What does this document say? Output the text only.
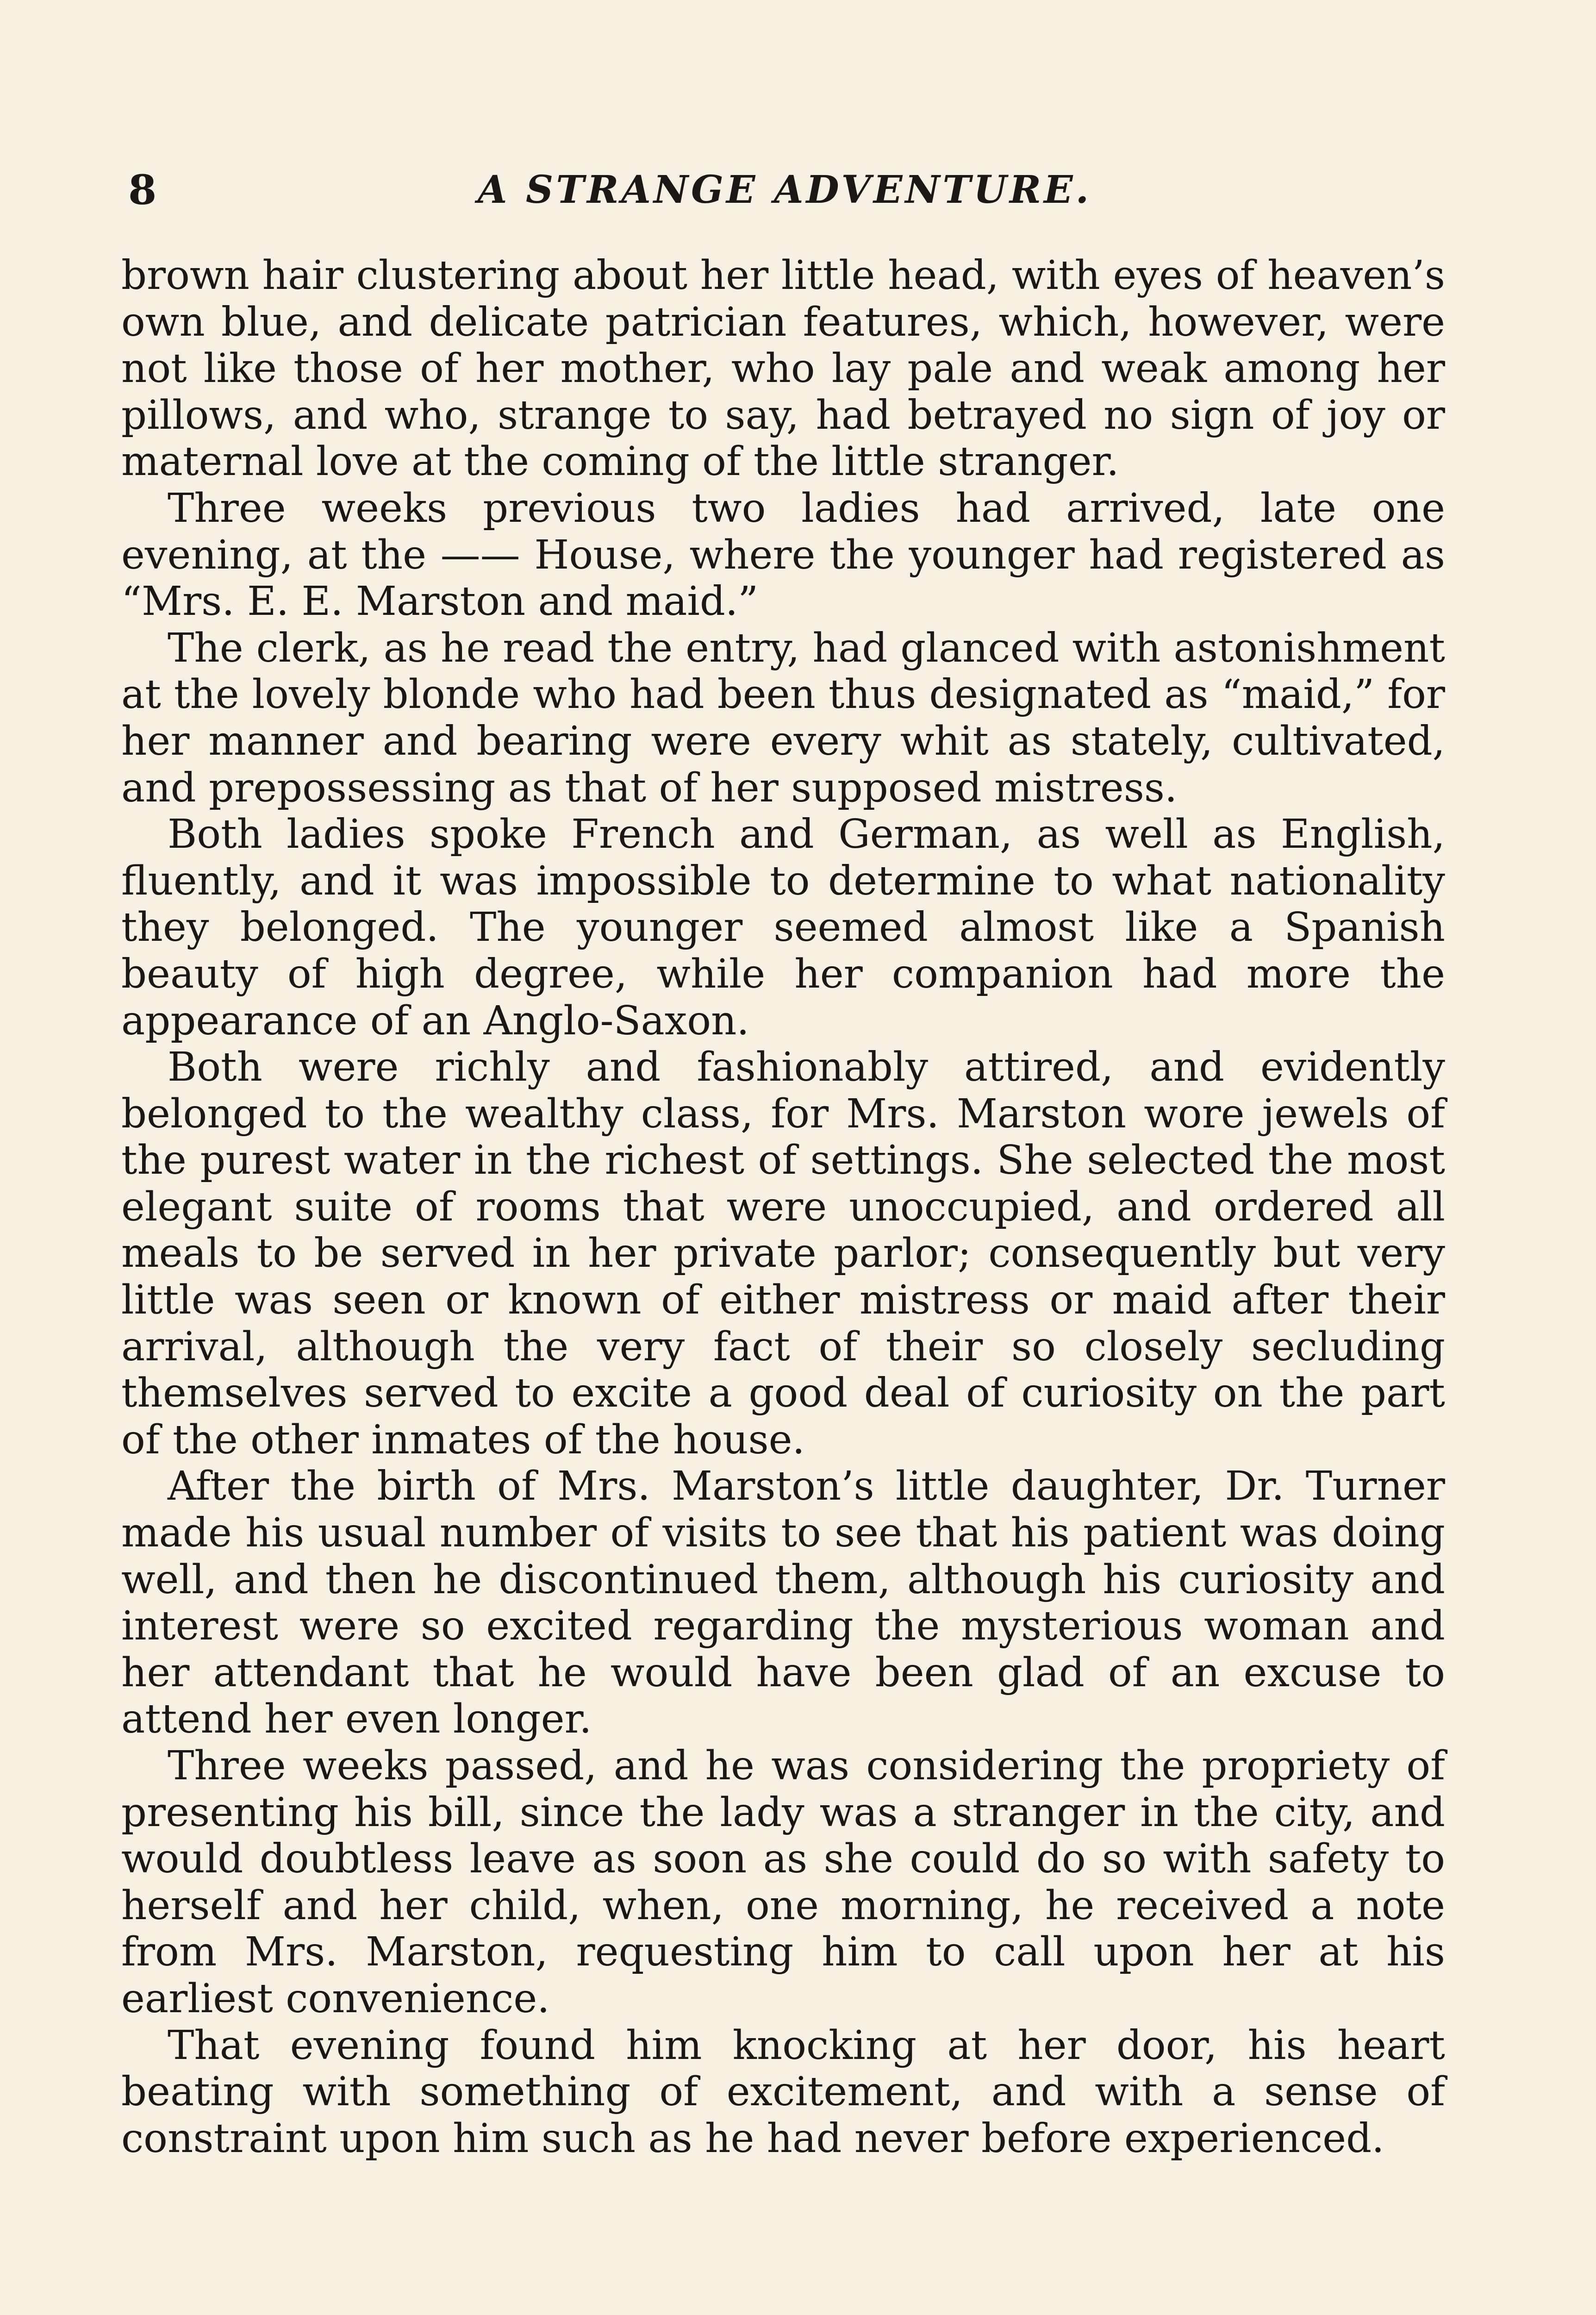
8	A STRANGE ADVENTURE.

brown hair clustering about her little head, with eyes of heaven’s own blue, and delicate patrician features, which, however, were not like those of her mother, who lay pale and weak among her pillows, and who, strange to say, had betrayed no sign of joy or maternal love at the coming of the little stranger.

Three weeks previous two ladies had arrived, late one evening, at the —— House, where the younger had registered as “Mrs. E. E. Marston and maid.”

The clerk, as he read the entry, had glanced with astonishment at the lovely blonde who had been thus designated as “maid,” for her manner and bearing were every whit as stately, cultivated, and prepossessing as that of her supposed mistress.

Both ladies spoke French and German, as well as English, fluently, and it was impossible to determine to what nationality they belonged. The younger seemed almost like a Spanish beauty of high degree, while her companion had more the appearance of an Anglo-Saxon.

Both were richly and fashionably attired, and evidently belonged to the wealthy class, for Mrs. Marston wore jewels of the purest water in the richest of settings. She selected the most elegant suite of rooms that were unoccupied, and ordered all meals to be served in her private parlor; consequently but very little was seen or known of either mistress or maid after their arrival, although the very fact of their so closely secluding themselves served to excite a good deal of curiosity on the part of the other inmates of the house.

After the birth of Mrs. Marston’s little daughter, Dr. Turner made his usual number of visits to see that his patient was doing well, and then he discontinued them, although his curiosity and interest were so excited regarding the mysterious woman and her attendant that he would have been glad of an excuse to attend her even longer.

Three weeks passed, and he was considering the propriety of presenting his bill, since the lady was a stranger in the city, and would doubtless leave as soon as she could do so with safety to herself and her child, when, one morning, he received a note from Mrs. Marston, requesting him to call upon her at his earliest convenience.

That evening found him knocking at her door, his heart beating with something of excitement, and with a sense of constraint upon him such as he had never before experienced.
